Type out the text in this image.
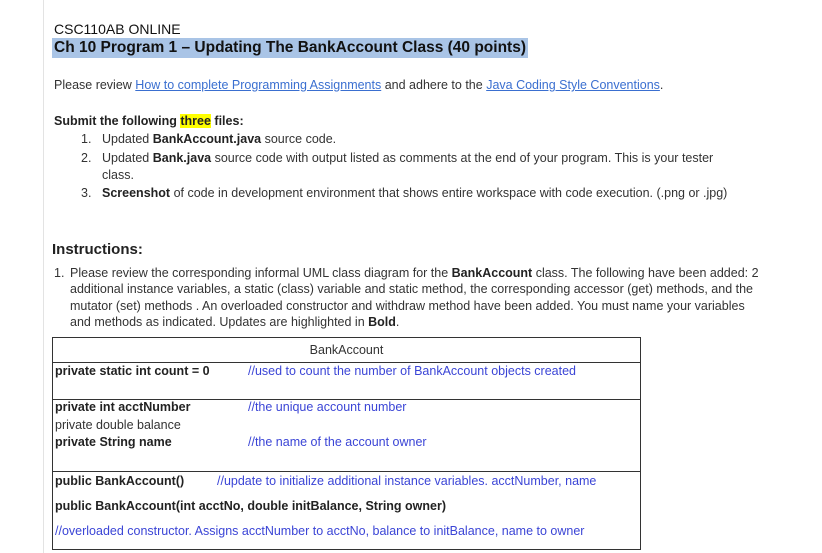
CSC110AB ONLINE
Ch 10 Program 1 – Updating The BankAccount Class (40 points)
Please review How to complete Programming Assignments and adhere to the Java Coding Style Conventions.
Submit the following three files:
1. Updated BankAccount.java source code.
2. Updated Bank.java source code with output listed as comments at the end of your program. This is your tester
class.
3. Screenshot of code in development environment that shows entire workspace with code execution. (.png or .jpg)
Instructions:
1. Please review the corresponding informal UML class diagram for the BankAccount class. The following have been added: 2 additional instance variables, a static (class) variable and static method, the corresponding accessor (get) methods, and the mutator (set) methods . An overloaded constructor and withdraw method have been added. You must name your variables and methods as indicated. Updates are highlighted in Bold.
BankAccount

private static int count = 0	//used to count the number of BankAccount objects created

private int acctNumber	//the unique account number
private double balance
private String name	//the name of the account owner

public BankAccount()	//update to initialize additional instance variables. acctNumber, name
public BankAccount(int acctNo, double initBalance, String owner)
//overloaded constructor. Assigns acctNumber to acctNo, balance to initBalance, name to owner
